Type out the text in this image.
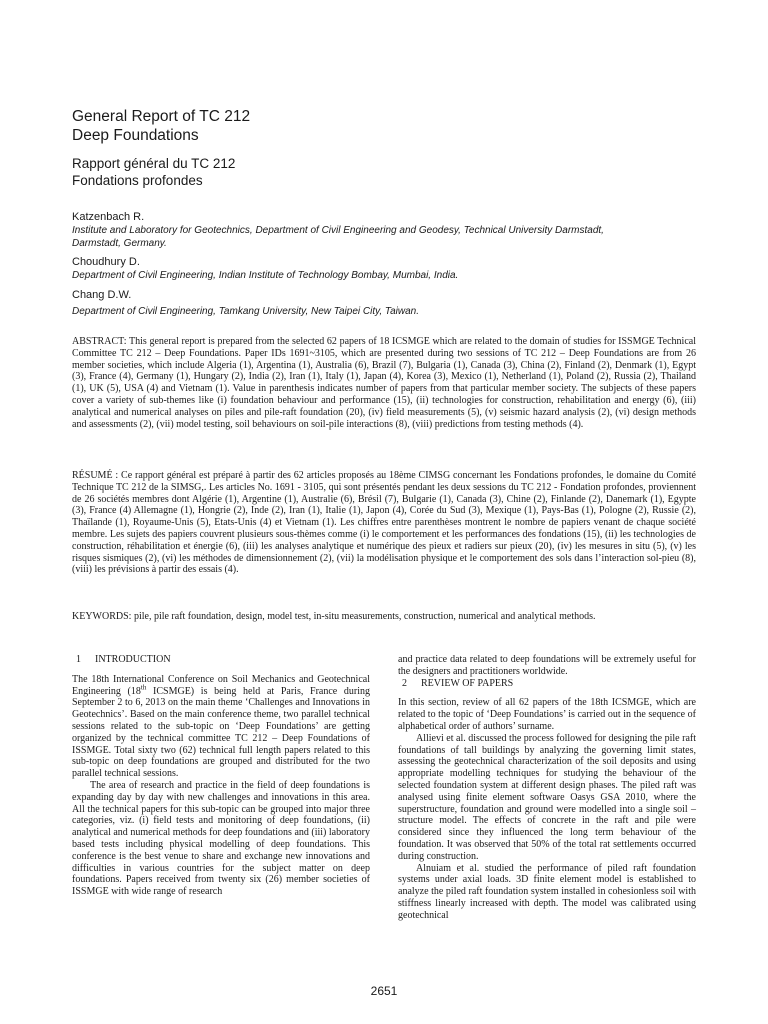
General Report of TC 212
Deep Foundations
Rapport général du TC 212
Fondations profondes
Katzenbach R.
Institute and Laboratory for Geotechnics, Department of Civil Engineering and Geodesy, Technical University Darmstadt, Darmstadt, Germany.
Choudhury D.
Department of Civil Engineering, Indian Institute of Technology Bombay, Mumbai, India.
Chang D.W.
Department of Civil Engineering, Tamkang University, New Taipei City, Taiwan.
ABSTRACT: This general report is prepared from the selected 62 papers of 18 ICSMGE which are related to the domain of studies for ISSMGE Technical Committee TC 212 – Deep Foundations. Paper IDs 1691~3105, which are presented during two sessions of TC 212 – Deep Foundations are from 26 member societies, which include Algeria (1), Argentina (1), Australia (6), Brazil (7), Bulgaria (1), Canada (3), China (2), Finland (2), Denmark (1), Egypt (3), France (4), Germany (1), Hungary (2), India (2), Iran (1), Italy (1), Japan (4), Korea (3), Mexico (1), Netherland (1), Poland (2), Russia (2), Thailand (1), UK (5), USA (4) and Vietnam (1). Value in parenthesis indicates number of papers from that particular member society. The subjects of these papers cover a variety of sub-themes like (i) foundation behaviour and performance (15), (ii) technologies for construction, rehabilitation and energy (6), (iii) analytical and numerical analyses on piles and pile-raft foundation (20), (iv) field measurements (5), (v) seismic hazard analysis (2), (vi) design methods and assessments (2), (vii) model testing, soil behaviours on soil-pile interactions (8), (viii) predictions from testing methods (4).
RÉSUMÉ : Ce rapport général est préparé à partir des 62 articles proposés au 18ème CIMSG concernant les Fondations profondes, le domaine du Comité Technique TC 212 de la SIMSG,. Les articles No. 1691 - 3105, qui sont présentés pendant les deux sessions du TC 212 - Fondation profondes, proviennent de 26 sociétés membres dont Algérie (1), Argentine (1), Australie (6), Brésil (7), Bulgarie (1), Canada (3), Chine (2), Finlande (2), Danemark (1), Egypte (3), France (4) Allemagne (1), Hongrie (2), Inde (2), Iran (1), Italie (1), Japon (4), Corée du Sud (3), Mexique (1), Pays-Bas (1), Pologne (2), Russie (2), Thaïlande (1), Royaume-Unis (5), Etats-Unis (4) et Vietnam (1). Les chiffres entre parenthèses montrent le nombre de papiers venant de chaque société membre. Les sujets des papiers couvrent plusieurs sous-thèmes comme (i) le comportement et les performances des fondations (15), (ii) les technologies de construction, réhabilitation et énergie (6), (iii) les analyses analytique et numérique des pieux et radiers sur pieux (20), (iv) les mesures in situ (5), (v) les risques sismiques (2), (vi) les méthodes de dimensionnement (2), (vii) la modélisation physique et le comportement des sols dans l’interaction sol-pieu (8), (viii) les prévisions à partir des essais (4).
KEYWORDS: pile, pile raft foundation, design, model test, in-situ measurements, construction, numerical and analytical methods.
1 INTRODUCTION

The 18th International Conference on Soil Mechanics and Geotechnical Engineering (18th ICSMGE) is being held at Paris, France during September 2 to 6, 2013 on the main theme ‘Challenges and Innovations in Geotechnics’. Based on the main conference theme, two parallel technical sessions related to the sub-topic on ‘Deep Foundations’ are getting organized by the technical committee TC 212 – Deep Foundations of ISSMGE. Total sixty two (62) technical full length papers related to this sub-topic on deep foundations are grouped and distributed for the two parallel technical sessions.

The area of research and practice in the field of deep foundations is expanding day by day with new challenges and innovations in this area. All the technical papers for this sub-topic can be grouped into major three categories, viz. (i) field tests and monitoring of deep foundations, (ii) analytical and numerical methods for deep foundations and (iii) laboratory based tests including physical modelling of deep foundations. This conference is the best venue to share and exchange new innovations and difficulties in various countries for the subject matter on deep foundations. Papers received from twenty six (26) member societies of ISSMGE with wide range of research

and practice data related to deep foundations will be extremely useful for the designers and practitioners worldwide.

2 REVIEW OF PAPERS

In this section, review of all 62 papers of the 18th ICSMGE, which are related to the topic of ‘Deep Foundations’ is carried out in the sequence of alphabetical order of authors’ surname.

Allievi et al. discussed the process followed for designing the pile raft foundations of tall buildings by analyzing the governing limit states, assessing the geotechnical characterization of the soil deposits and using appropriate modelling techniques for studying the behaviour of the selected foundation system at different design phases. The piled raft was analysed using finite element software Oasys GSA 2010, where the superstructure, foundation and ground were modelled into a single soil – structure model. The effects of concrete in the raft and pile were considered since they influenced the long term behaviour of the foundation. It was observed that 50% of the total rat settlements occurred during construction.

Alnuiam et al. studied the performance of piled raft foundation systems under axial loads. 3D finite element model is established to analyze the piled raft foundation system installed in cohesionless soil with stiffness linearly increased with depth. The model was calibrated using geotechnical

2651
